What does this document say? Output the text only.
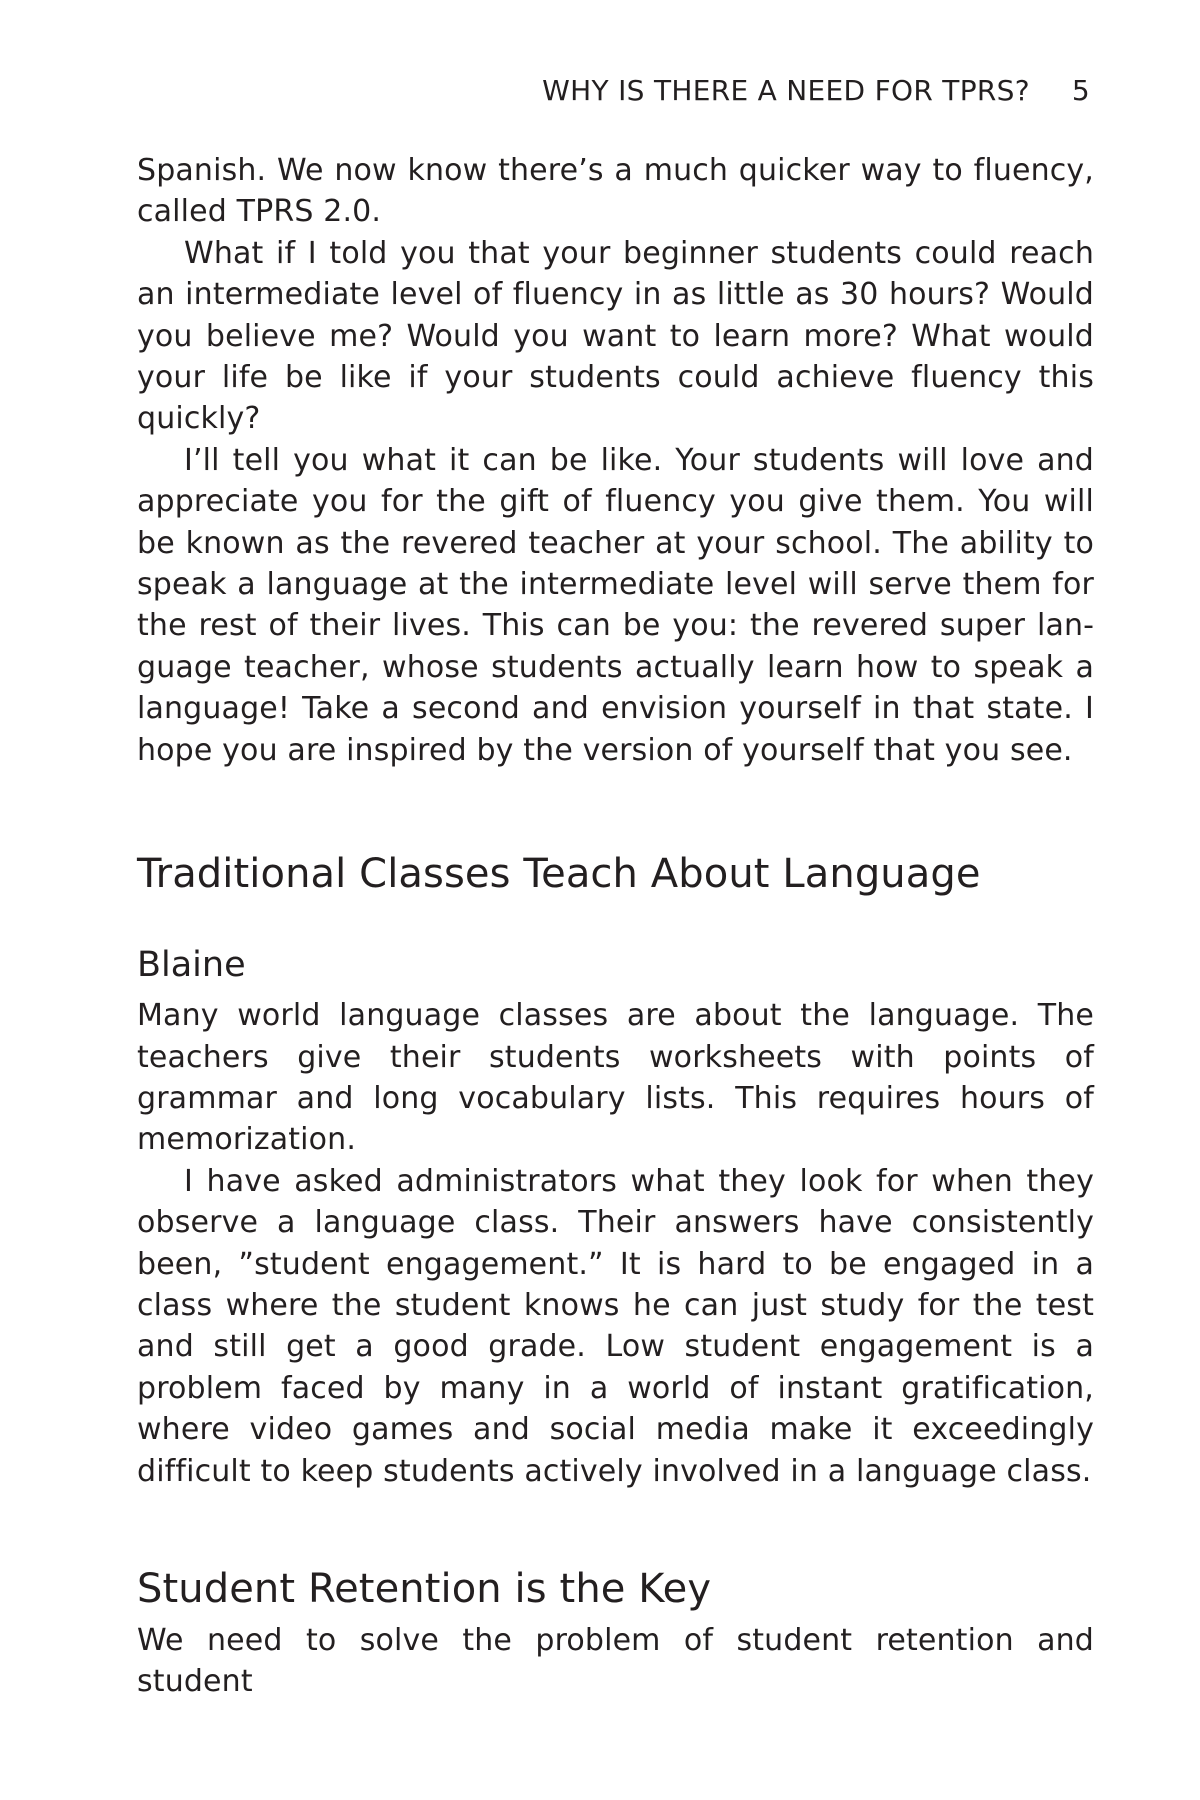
WHY IS THERE A NEED FOR TPRS? 5

Spanish. We now know there’s a much quicker way to fluency, called TPRS 2.0.

What if I told you that your beginner students could reach an intermediate level of fluency in as little as 30 hours? Would you believe me? Would you want to learn more? What would your life be like if your students could achieve fluency this quickly?

I’ll tell you what it can be like. Your students will love and appreciate you for the gift of fluency you give them. You will be known as the revered teacher at your school. The ability to speak a language at the intermediate level will serve them for the rest of their lives. This can be you: the revered super language teacher, whose students actually learn how to speak a language! Take a second and envision yourself in that state. I hope you are inspired by the version of yourself that you see.

Traditional Classes Teach About Language
Blaine

Many world language classes are about the language. The teachers give their students worksheets with points of grammar and long vocabulary lists. This requires hours of memorization.

I have asked administrators what they look for when they observe a language class. Their answers have consistently been, ”student engagement.” It is hard to be engaged in a class where the student knows he can just study for the test and still get a good grade. Low student engagement is a problem faced by many in a world of instant gratification, where video games and social media make it exceedingly difficult to keep students actively involved in a language class.

Student Retention is the Key

We need to solve the problem of student retention and student
